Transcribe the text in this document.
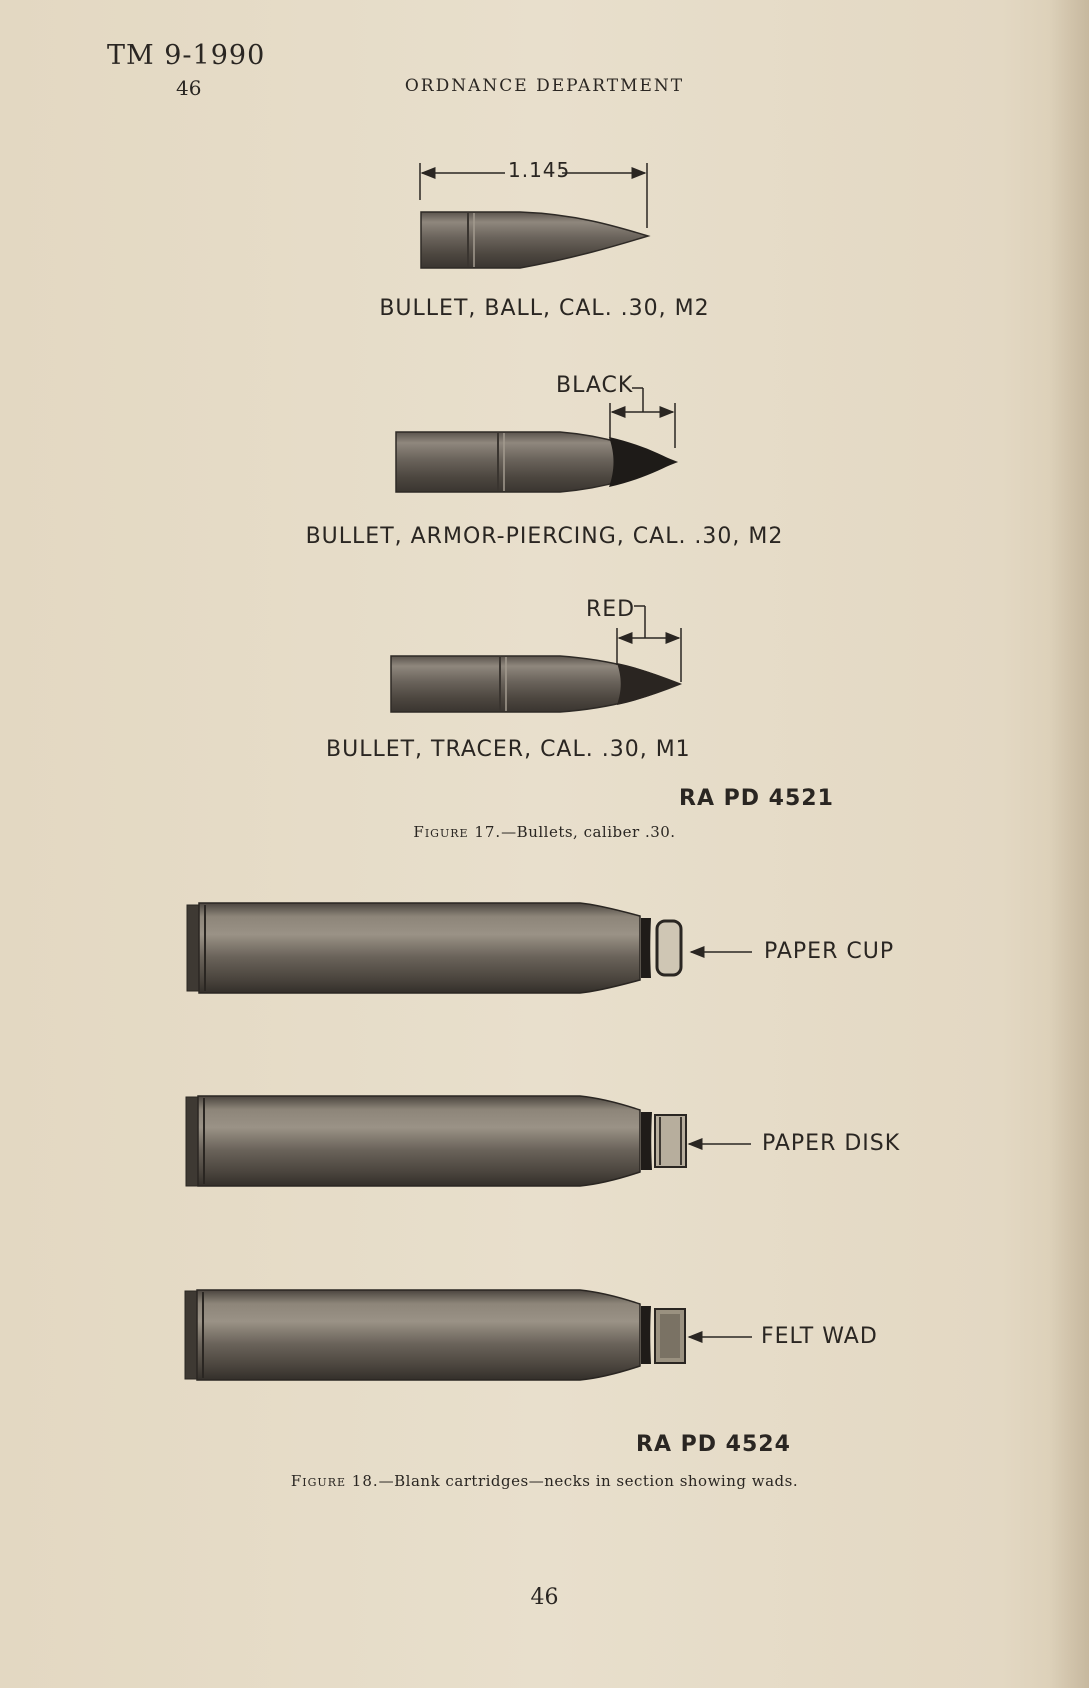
TM 9-1990
46	ORDNANCE DEPARTMENT
1.145
BULLET, BALL, CAL. .30, M2
BLACK
BULLET, ARMOR-PIERCING, CAL. .30, M2
RED
BULLET, TRACER, CAL. .30, M1
RA PD 4521
Figure 17.—Bullets, caliber .30.
PAPER CUP
PAPER DISK
FELT WAD
RA PD 4524
Figure 18.—Blank cartridges—necks in section showing wads.
46
